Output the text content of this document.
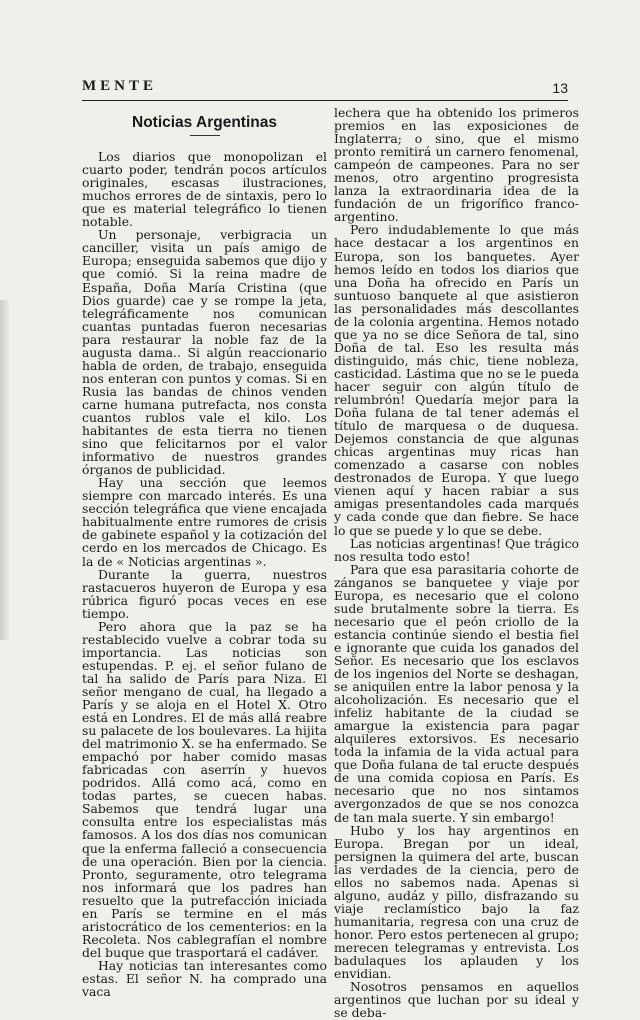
MENTE	13
Noticias Argentinas

Los diarios que monopolizan el cuarto poder, tendrán pocos artículos originales, escasas ilustraciones, muchos errores de de sintaxis, pero lo que es material telegráfico lo tienen notable.

Un personaje, verbigracia un canciller, visita un país amigo de Europa; enseguida sabemos que dijo y que comió. Si la reina madre de España, Doña María Cristina (que Dios guarde) cae y se rompe la jeta, telegráficamente nos comunican cuantas puntadas fueron necesarias para restaurar la noble faz de la augusta dama.. Si algún reaccionario habla de orden, de trabajo, enseguida nos enteran con puntos y comas. Si en Rusia las bandas de chinos venden carne humana putrefacta, nos consta cuantos rublos vale el kilo. Los habitantes de esta tierra no tienen sino que felicitarnos por el valor informativo de nuestros grandes órganos de publicidad.

Hay una sección que leemos siempre con marcado interés. Es una sección telegráfica que viene encajada habitualmente entre rumores de crisis de gabinete español y la cotización del cerdo en los mercados de Chicago. Es la de « Noticias argentinas ».

Durante la guerra, nuestros rastacueros huyeron de Europa y esa rúbrica figuró pocas veces en ese tiempo.

Pero ahora que la paz se ha restablecido vuelve a cobrar toda su importancia. Las noticias son estupendas. P. ej. el señor fulano de tal ha salido de París para Niza. El señor mengano de cual, ha llegado a París y se aloja en el Hotel X. Otro está en Londres. El de más allá reabre su palacete de los boulevares. La hijita del matrimonio X. se ha enfermado. Se empachó por haber comido masas fabricadas con aserrín y huevos podridos. Allá como acá, como en todas partes, se cuecen habas. Sabemos que tendrá lugar una consulta entre los especialistas más famosos. A los dos días nos comunican que la enferma falleció a consecuencia de una operación. Bien por la ciencia. Pronto, seguramente, otro telegrama nos informará que los padres han resuelto que la putrefacción iniciada en París se termine en el más aristocrático de los cementerios: en la Recoleta. Nos cablegrafían el nombre del buque que trasportará el cadáver.

Hay noticias tan interesantes como estas. El señor N. ha comprado una vaca

lechera que ha obtenido los primeros premios en las exposiciones de Inglaterra; o sino, que el mismo pronto remitirá un carnero fenomenal, campeón de campeones. Para no ser menos, otro argentino progresista lanza la extraordinaria idea de la fundación de un frigorífico franco-argentino.

Pero indudablemente lo que más hace destacar a los argentinos en Europa, son los banquetes. Ayer hemos leído en todos los diarios que una Doña ha ofrecido en París un suntuoso banquete al que asistieron las personalidades más descollantes de la colonia argentina. Hemos notado que ya no se dice Señora de tal, sino Doña de tal. Eso les resulta más distinguido, más chic, tiene nobleza, casticidad. Lástima que no se le pueda hacer seguir con algún título de relumbrón! Quedaría mejor para la Doña fulana de tal tener además el título de marquesa o de duquesa. Dejemos constancia de que algunas chicas argentinas muy ricas han comenzado a casarse con nobles destronados de Europa. Y que luego vienen aquí y hacen rabiar a sus amigas presentandoles cada marqués y cada conde que dan fiebre. Se hace lo que se puede y lo que se debe.

Las noticias argentinas! Que trágico nos resulta todo esto!

Para que esa parasitaria cohorte de zánganos se banquetee y viaje por Europa, es necesario que el colono sude brutalmente sobre la tierra. Es necesario que el peón criollo de la estancia continúe siendo el bestia fiel e ignorante que cuida los ganados del Señor. Es necesario que los esclavos de los ingenios del Norte se deshagan, se aniquilen entre la labor penosa y la alcoholización. Es necesario que el infeliz habitante de la ciudad se amargue la existencia para pagar alquileres extorsivos. Es necesario toda la infamia de la vida actual para que Doña fulana de tal eructe después de una comida copiosa en París. Es necesario que no nos sintamos avergonzados de que se nos conozca de tan mala suerte. Y sin embargo!

Hubo y los hay argentinos en Europa. Bregan por un ideal, persignen la quimera del arte, buscan las verdades de la ciencia, pero de ellos no sabemos nada. Apenas si alguno, audáz y pillo, disfrazando su viaje reclamístico bajo la faz humanitaria, regresa con una cruz de honor. Pero estos pertenecen al grupo; merecen telegramas y entrevista. Los badulaques los aplauden y los envidian.

Nosotros pensamos en aquellos argentinos que luchan por su ideal y se deba-
